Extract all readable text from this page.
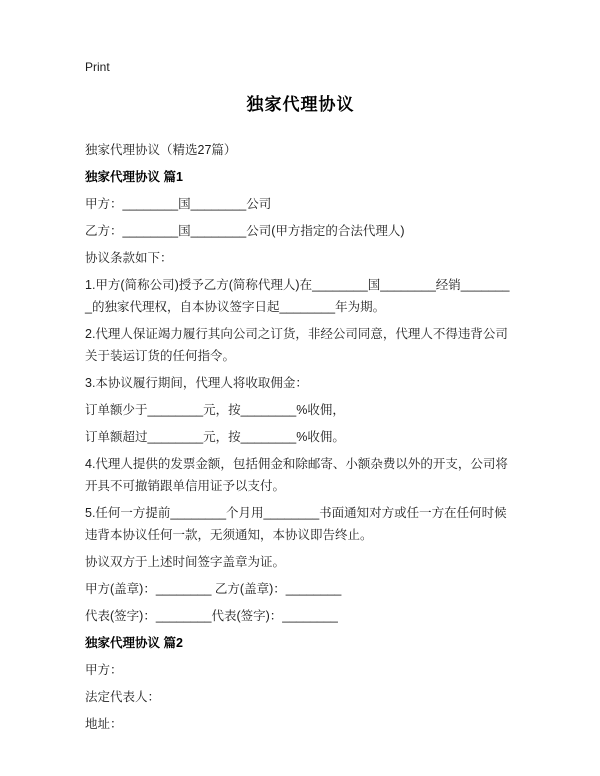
Print
独家代理协议
独家代理协议（精选27篇）
独家代理协议 篇1
甲方：________国________公司
乙方：________国________公司(甲方指定的合法代理人)
协议条款如下：
1.甲方(简称公司)授予乙方(简称代理人)在________国________经销________的独家代理权，自本协议签字日起________年为期。
2.代理人保证竭力履行其向公司之订货，非经公司同意，代理人不得违背公司关于装运订货的任何指令。
3.本协议履行期间，代理人将收取佣金：
订单额少于________元，按________%收佣，
订单额超过________元，按________%收佣。
4.代理人提供的发票金额，包括佣金和除邮寄、小额杂费以外的开支，公司将开具不可撤销跟单信用证予以支付。
5.任何一方提前________个月用________书面通知对方或任一方在任何时候违背本协议任何一款，无须通知，本协议即告终止。
协议双方于上述时间签字盖章为证。
甲方(盖章)：________ 乙方(盖章)：________
代表(签字)：________代表(签字)：________
独家代理协议 篇2
甲方：
法定代表人：
地址：
